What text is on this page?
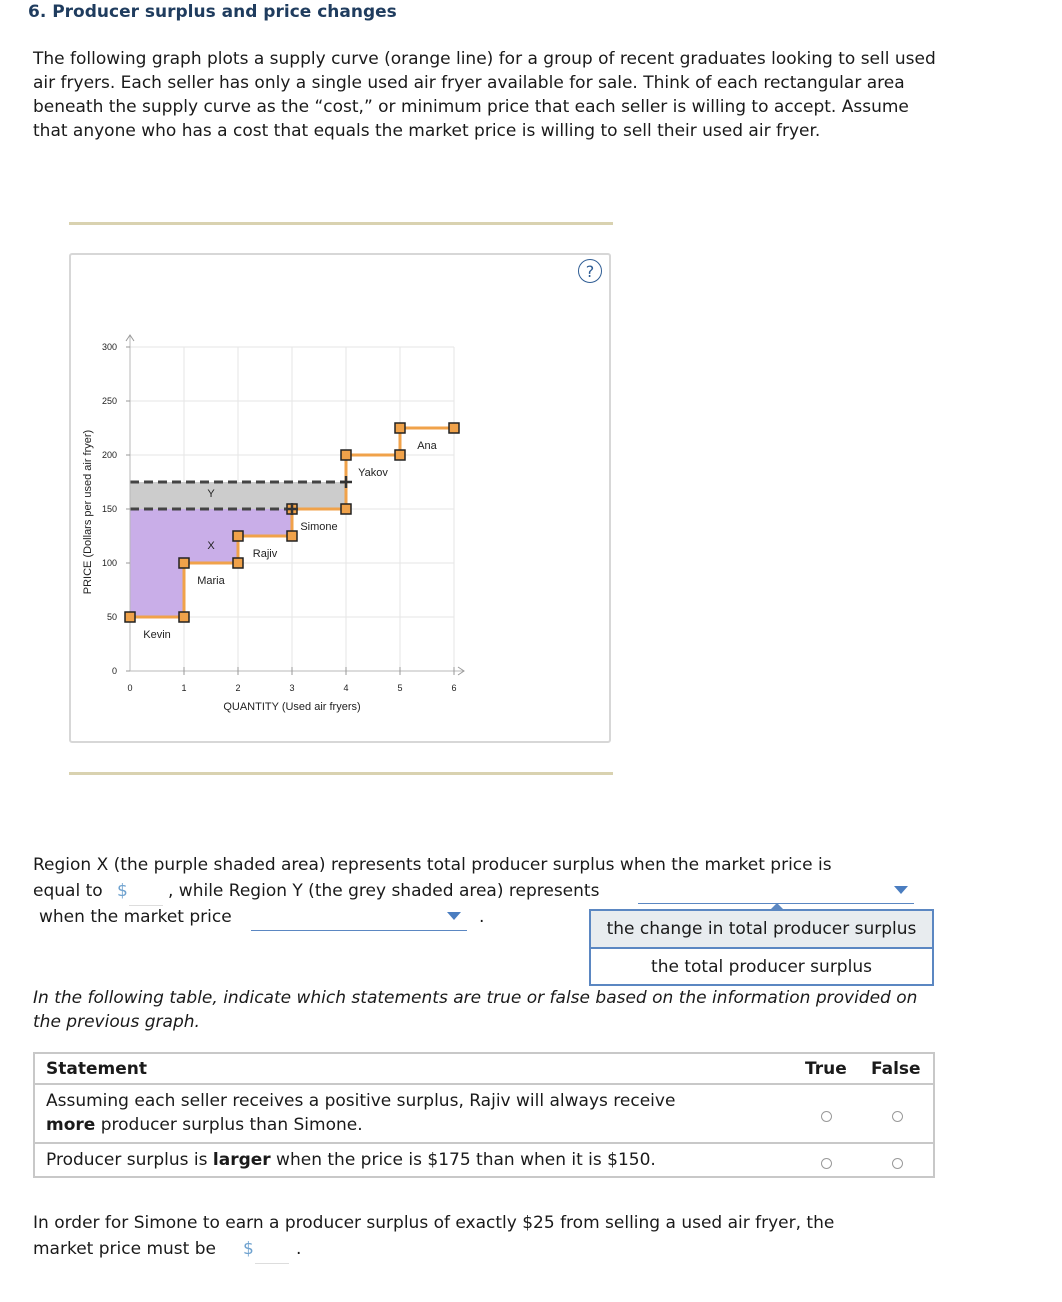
6. Producer surplus and price changes
The following graph plots a supply curve (orange line) for a group of recent graduates looking to sell used air fryers. Each seller has only a single used air fryer available for sale. Think of each rectangular area beneath the supply curve as the “cost,” or minimum price that each seller is willing to accept. Assume that anyone who has a cost that equals the market price is willing to sell their used air fryer.
?
0
50
100
150
200
250
300
0	1	2	3	4	5	6
Kevin
Maria
Rajiv
Simone
Yakov
Ana
X
Y
PRICE (Dollars per used air fryer)
QUANTITY (Used air fryers)
Region X (the purple shaded area) represents total producer surplus when the market price is
equal to $ , while Region Y (the grey shaded area) represents
when the market price	.
the change in total producer surplus
the total producer surplus
In the following table, indicate which statements are true or false based on the information provided on the previous graph.
Statement	True False
Assuming each seller receives a positive surplus, Rajiv will always receive
more producer surplus than Simone.
Producer surplus is larger when the price is $175 than when it is $150.
In order for Simone to earn a producer surplus of exactly $25 from selling a used air fryer, the
market price must be $ .
